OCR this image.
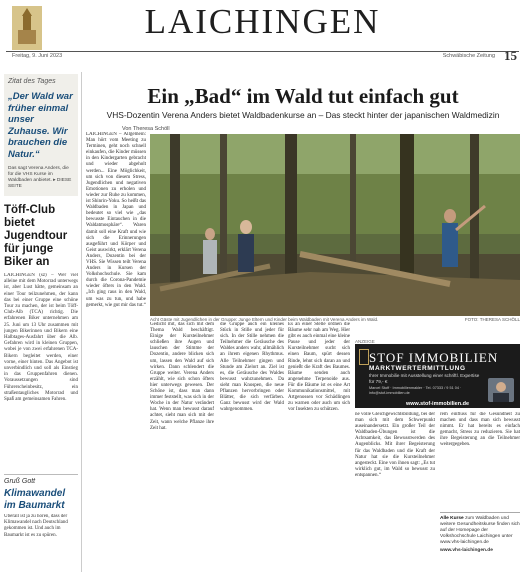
LAICHINGEN
Freitag, 9. Juni 2023	Schwäbische Zeitung 15
Zitat des Tages
„Der Wald war früher einmal unser Zuhause. Wir brauchen die Natur.“
Das sagt Verena Anders, die für die VHS Kurse im Waldbaden anbietet. ▸ DIESE SEITE
Töff-Club bietet Jugendtour für junge Biker an
LAICHINGEN (sz) – Wer viel alleine mit dem Motorrad unterwegs ist, aber Lust hätte, gemeinsam an einer Tour teilzunehmen, der kann das bei einer Gruppe eine schöne Tour zu machen, der ist beim Töff-Club-Alb (TCA) richtig. Die erfahrenen Biker unternehmen am 25. Juni um 13 Uhr zusammen mit jungen Bikerinnen und Bikern eine Halbtages-Ausfahrt über die Alb. Gefahren wird in kleinen Gruppen, wobei je von zwei erfahrenen TCA-Bikern begleitet werden, einer vorne, einer hinten. Das Angebot ist unverbindlich und soll als Einstieg in das Gruppenfahren dienen. Voraussetzungen sind Führerscheinbesitz, ein straßentaugliches Motorrad und Spaß am gemeinsamen Fahren.
Gruß Gott
Klimawandel im Baumarkt
Überall ist ja zu hören, dass der Klimawandel nach Deutschland gekommen ist. Und auch im Baumarkt ist es zu spüren.
Ein „Bad“ im Wald tut einfach gut
VHS-Dozentin Verena Anders bietet Waldbadenkurse an – Das steckt hinter der japanischen Waldmedizin
Von Theresa Schöll
LAICHINGEN – Allgemein: Man hört vom Meeting zu Terminen, geht noch schnell einkaufen, die Kinder müssen in den Kindergarten gebracht und wieder abgeholt werden... Eine Möglichkeit, um sich von diesem Stress, Jugendlichen und negativen Emotionen zu erholen und wieder zur Ruhe zu kommen, ist Shinrin-Yoku. So heißt das Waldbaden in Japan und bedeutet so viel wie „das bewusste Eintauchen in die Waldatmosphäre“. Waren damit soll eine Kraft und wie sich die Erinnerungen ausgeführt und Körper und Geist auswirkt, erklärt Verena Anders, Dozentin bei der VHS. Sie Wissen teilt Verena Anders in Kursen der Volkshochschule. Sie kam durch die Corona-Pandemie wieder öfters in den Wald. „Ich ging raus in den Wald, um was zu tun, und habe gemerkt, wie gut mir das tut.“
Acht Gäste mit Jugendlichen in der Gruppe: Junge Eltern und Kinder beim Waldbaden mit Verena Anders im Wald.	FOTO: THERESA SCHÖLL
Gedicht mit, das sich mit dem Thema Wald beschäftigt. Einige der Kursteilnehmer schließen ihre Augen und lauschen der Stimme der Dozentin, andere blicken sich um, lassen den Wald auf sich wirken. Dann schlendert die Gruppe weiter. Verena Anders erzählt, wie sich schon öfters hier unterwegs gewesen. Der Schöne ist, dass man dann immer feststellt, was sich in der Woche in der Natur verändert hat. Wenn man bewusst darauf achtet, sieht man sich mit der Zeit, wann welche Pflanze ihre Zeit hat.
die Gruppe auch ein kleines Stück in Stille und jeder für sich. In der Stille nehmen die Teilnehmer die Geräusche des Waldes anders wahr, allmählich an ihrem eigenen Rhythmus. Alle Teilnehmer gingen und Stunde am Zielort an. Ziel ist es, die Geräusche des Waldes bewusst wahrzunehmen. Da sieht man Knospen, die neue Pflanzen hervorbringen oder Blätter, die sich verfärben. Ganz bewusst wird der Wald wahrgenommen.
Es an einer Stelle ordnen die Bäume sehr nah am Weg. Hier gibt es auch einmal eine kleine Pause und jeder der Kursteilnehmer sucht sich einen Baum, spürt dessen Rinde, lehnt sich daran an und genießt die Kraft des Baumes. Bäume senden auch angenehme Terpenoide aus. Für die Bäume ist es eine Art Kommunikationsmittel, mit Artgenossen vor Schädlingen zu warnen oder auch um sich vor Insekten zu schützen.
ANZEIGE
STOF IMMOBILIEN
MARKTWERTERMITTLUNG
Ihrer Immobilie mit Ausstellung einer schriftl. Expertise für 79,- €
Marcel Stoff · Immobilienmakler · Tel. 07333 / 9 51 04 · info@stof-immobilien.de
www.stof-immobilien.de
ne volle Gleichgewichtsbildung, bei der man sich mit dem Schwerpunkt auseinandersetzt. Ein großer Teil der Waldbaden-Übungen ist die Achtsamkeit, das Bewusstwerden des Augenblicks. Mit ihrer Begeisterung für das Waldbaden und die Kraft der Natur hat sie die Kursteilnehmer angesteckt. Eine von ihnen sagt: „Es tut wirklich gut, im Wald so bewusst zu entspannen.“
rem einfluss für die Gesundheit zu machen und dass man sich bewusst nimmt. Er hat bereits es einfach gemacht, Stress zu reduzieren. Sie hat ihre Begeisterung an die Teilnehmer weitergegeben.
Alle Kurse zum Waldbaden und weitere Gesundheitskurse finden sich auf der Homepage der Volkshochschule Laichingen unter www.vhs-laichingen.de
www.vhs-laichingen.de
